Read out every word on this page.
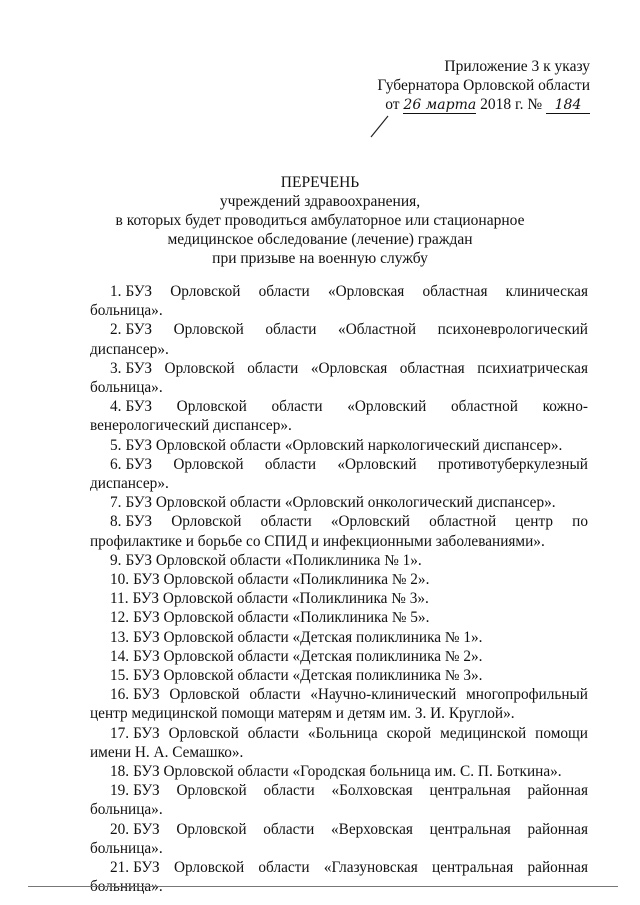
Приложение 3 к указу
Губернатора Орловской области
от 26 марта 2018 г. № 184
ПЕРЕЧЕНЬ
учреждений здравоохранения,
в которых будет проводиться амбулаторное или стационарное
медицинское обследование (лечение) граждан
при призыве на военную службу
1. БУЗ Орловской области «Орловская областная клиническая больница».
2. БУЗ Орловской области «Областной психоневрологический диспансер».
3. БУЗ Орловской области «Орловская областная психиатрическая больница».
4. БУЗ Орловской области «Орловский областной кожно-венерологический диспансер».
5. БУЗ Орловской области «Орловский наркологический диспансер».
6. БУЗ Орловской области «Орловский противотуберкулезный диспансер».
7. БУЗ Орловской области «Орловский онкологический диспансер».
8. БУЗ Орловской области «Орловский областной центр по профилактике и борьбе со СПИД и инфекционными заболеваниями».
9. БУЗ Орловской области «Поликлиника № 1».
10. БУЗ Орловской области «Поликлиника № 2».
11. БУЗ Орловской области «Поликлиника № 3».
12. БУЗ Орловской области «Поликлиника № 5».
13. БУЗ Орловской области «Детская поликлиника № 1».
14. БУЗ Орловской области «Детская поликлиника № 2».
15. БУЗ Орловской области «Детская поликлиника № 3».
16. БУЗ Орловской области «Научно-клинический многопрофильный центр медицинской помощи матерям и детям им. З. И. Круглой».
17. БУЗ Орловской области «Больница скорой медицинской помощи имени Н. А. Семашко».
18. БУЗ Орловской области «Городская больница им. С. П. Боткина».
19. БУЗ Орловской области «Болховская центральная районная больница».
20. БУЗ Орловской области «Верховская центральная районная больница».
21. БУЗ Орловской области «Глазуновская центральная районная больница».
